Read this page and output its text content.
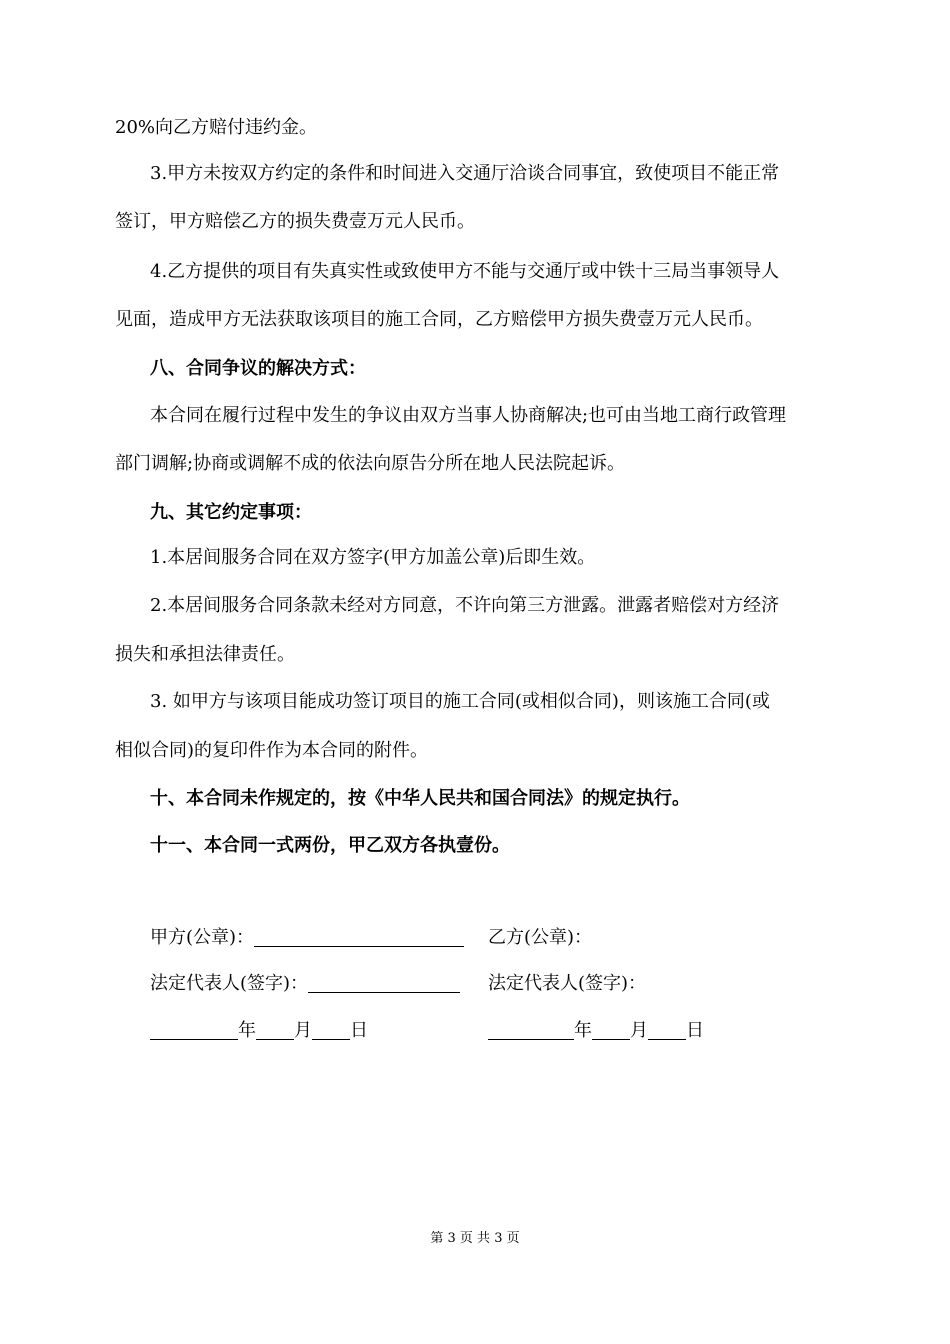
20%向乙方赔付违约金。
3.甲方未按双方约定的条件和时间进入交通厅洽谈合同事宜，致使项目不能正常
签订，甲方赔偿乙方的损失费壹万元人民币。
4.乙方提供的项目有失真实性或致使甲方不能与交通厅或中铁十三局当事领导人
见面，造成甲方无法获取该项目的施工合同，乙方赔偿甲方损失费壹万元人民币。
八、合同争议的解决方式：
本合同在履行过程中发生的争议由双方当事人协商解决;也可由当地工商行政管理
部门调解;协商或调解不成的依法向原告分所在地人民法院起诉。
九、其它约定事项：
1.本居间服务合同在双方签字(甲方加盖公章)后即生效。
2.本居间服务合同条款未经对方同意，不许向第三方泄露。泄露者赔偿对方经济
损失和承担法律责任。
3. 如甲方与该项目能成功签订项目的施工合同(或相似合同)，则该施工合同(或
相似合同)的复印件作为本合同的附件。
十、本合同未作规定的，按《中华人民共和国合同法》的规定执行。
十一、本合同一式两份，甲乙双方各执壹份。
甲方(公章)：	乙方(公章)：
法定代表人(签字)：	法定代表人(签字)：
年 月 日	年 月 日
第 3 页 共 3 页
